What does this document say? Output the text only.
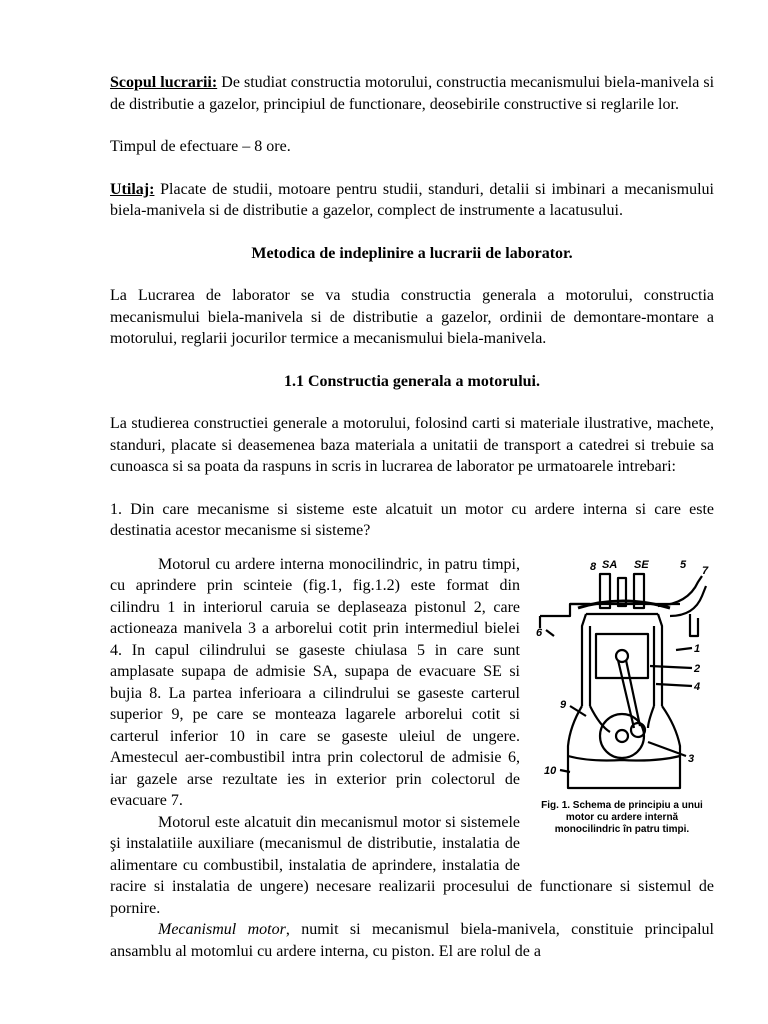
Scopul lucrarii: De studiat constructia motorului, constructia mecanismului biela-manivela si de distributie a gazelor, principiul de functionare, deosebirile constructive si reglarile lor.

Timpul de efectuare – 8 ore.

Utilaj: Placate de studii, motoare pentru studii, standuri, detalii si imbinari a mecanismului biela-manivela si de distributie a gazelor, complect de instrumente a lacatusului.

Metodica de indeplinire a lucrarii de laborator.

La Lucrarea de laborator se va studia constructia generala a motorului, constructia mecanismului biela-manivela si de distributie a gazelor, ordinii de demontare-montare a motorului, reglarii jocurilor termice a mecanismului biela-manivela.

1.1 Constructia generala a motorului.

La studierea constructiei generale a motorului, folosind carti si materiale ilustrative, machete, standuri, placate si deasemenea baza materiala a unitatii de transport a catedrei si trebuie sa cunoasca si sa poata da raspuns in scris in lucrarea de laborator pe urmatoarele intrebari:

1. Din care mecanisme si sisteme este alcatuit un motor cu ardere interna si care este destinatia acestor mecanisme si sisteme?

8 SA SE	5 7
6
1
2
4
9
10
3
Fig. 1. Schema de principiu a unui motor cu ardere internă monocilindric în patru timpi.

Motorul cu ardere interna monocilindric, in patru timpi, cu aprindere prin scinteie (fig.1, fig.1.2) este format din cilindru 1 in interiorul caruia se deplaseaza pistonul 2, care actioneaza manivela 3 a arborelui cotit prin intermediul bielei 4. In capul cilindrului se gaseste chiulasa 5 in care sunt amplasate supapa de admisie SA, supapa de evacuare SE si bujia 8. La partea inferioara a cilindrului se gaseste carterul superior 9, pe care se monteaza lagarele arborelui cotit si carterul inferior 10 in care se gaseste uleiul de ungere. Amestecul aer-combustibil intra prin colectorul de admisie 6, iar gazele arse rezultate ies in exterior prin colectorul de evacuare 7.

Motorul este alcatuit din mecanismul motor si sistemele şi instalatiile auxiliare (mecanismul de distributie, instalatia de alimentare cu combustibil, instalatia de aprindere, instalatia de racire si instalatia de ungere) necesare realizarii procesului de functionare si sistemul de pornire.

Mecanismul motor, numit si mecanismul biela-manivela, constituie principalul ansamblu al motomlui cu ardere interna, cu piston. El are rolul de a
